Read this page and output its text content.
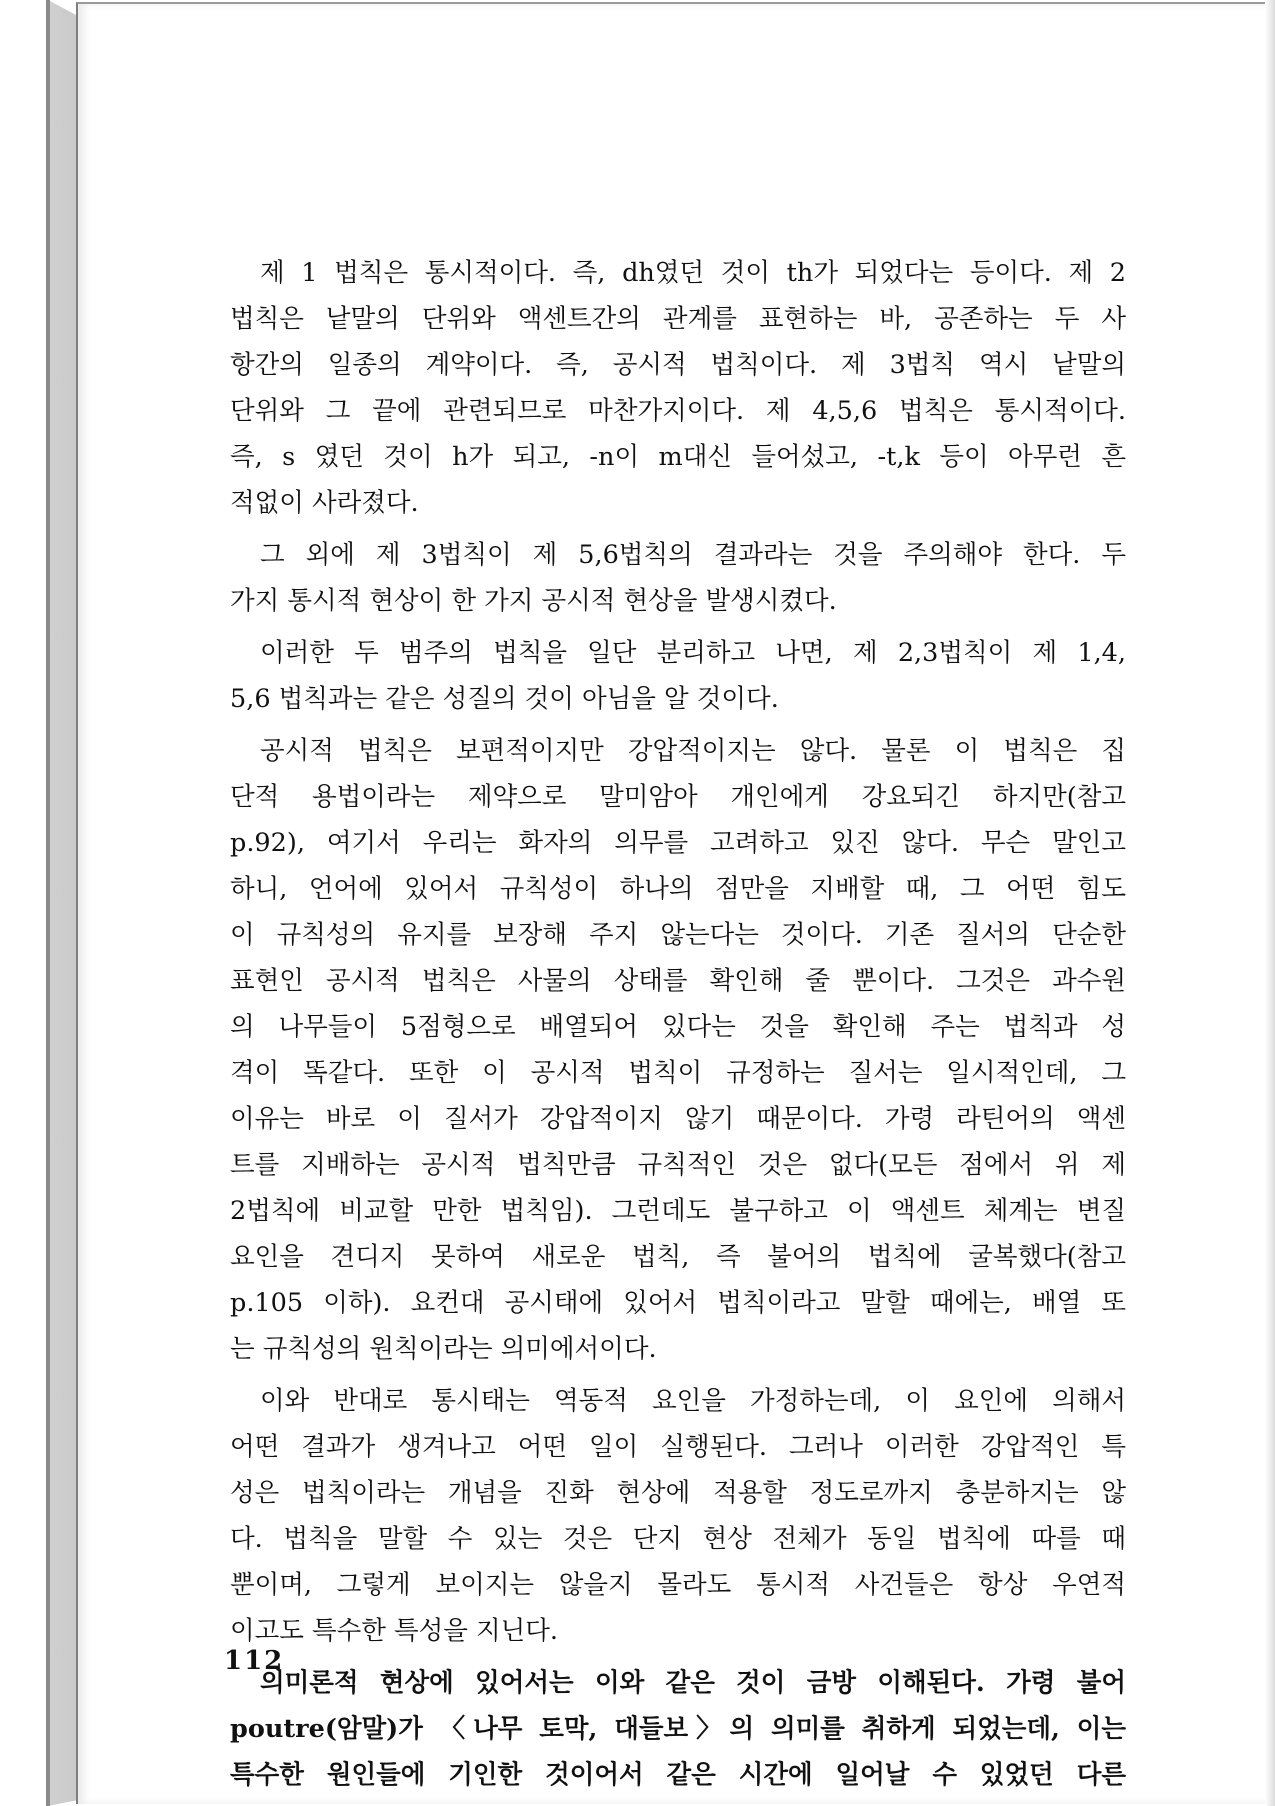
제 1 법칙은 통시적이다. 즉, dh였던 것이 th가 되었다는 등이다. 제 2
법칙은 낱말의 단위와 액센트간의 관계를 표현하는 바, 공존하는 두 사
항간의 일종의 계약이다. 즉, 공시적 법칙이다. 제 3법칙 역시 낱말의
단위와 그 끝에 관련되므로 마찬가지이다. 제 4,5,6 법칙은 통시적이다.
즉, s 였던 것이 h가 되고, -n이 m대신 들어섰고, -t,k 등이 아무런 흔
적없이 사라졌다.
그 외에 제 3법칙이 제 5,6법칙의 결과라는 것을 주의해야 한다. 두
가지 통시적 현상이 한 가지 공시적 현상을 발생시켰다.
이러한 두 범주의 법칙을 일단 분리하고 나면, 제 2,3법칙이 제 1,4,
5,6 법칙과는 같은 성질의 것이 아님을 알 것이다.
공시적 법칙은 보편적이지만 강압적이지는 않다. 물론 이 법칙은 집
단적 용법이라는 제약으로 말미암아 개인에게 강요되긴 하지만(참고
p.92), 여기서 우리는 화자의 의무를 고려하고 있진 않다. 무슨 말인고
하니, 언어에 있어서 규칙성이 하나의 점만을 지배할 때, 그 어떤 힘도
이 규칙성의 유지를 보장해 주지 않는다는 것이다. 기존 질서의 단순한
표현인 공시적 법칙은 사물의 상태를 확인해 줄 뿐이다. 그것은 과수원
의 나무들이 5점형으로 배열되어 있다는 것을 확인해 주는 법칙과 성
격이 똑같다. 또한 이 공시적 법칙이 규정하는 질서는 일시적인데, 그
이유는 바로 이 질서가 강압적이지 않기 때문이다. 가령 라틴어의 액센
트를 지배하는 공시적 법칙만큼 규칙적인 것은 없다(모든 점에서 위 제
2법칙에 비교할 만한 법칙임). 그런데도 불구하고 이 액센트 체계는 변질
요인을 견디지 못하여 새로운 법칙, 즉 불어의 법칙에 굴복했다(참고
p.105 이하). 요컨대 공시태에 있어서 법칙이라고 말할 때에는, 배열 또
는 규칙성의 원칙이라는 의미에서이다.
이와 반대로 통시태는 역동적 요인을 가정하는데, 이 요인에 의해서
어떤 결과가 생겨나고 어떤 일이 실행된다. 그러나 이러한 강압적인 특
성은 법칙이라는 개념을 진화 현상에 적용할 정도로까지 충분하지는 않
다. 법칙을 말할 수 있는 것은 단지 현상 전체가 동일 법칙에 따를 때
뿐이며, 그렇게 보이지는 않을지 몰라도 통시적 사건들은 항상 우연적
이고도 특수한 특성을 지닌다.
의미론적 현상에 있어서는 이와 같은 것이 금방 이해된다. 가령 불어
poutre(암말)가 〈나무 토막, 대들보〉의 의미를 취하게 되었는데, 이는
특수한 원인들에 기인한 것이어서 같은 시간에 일어날 수 있었던 다른
112
